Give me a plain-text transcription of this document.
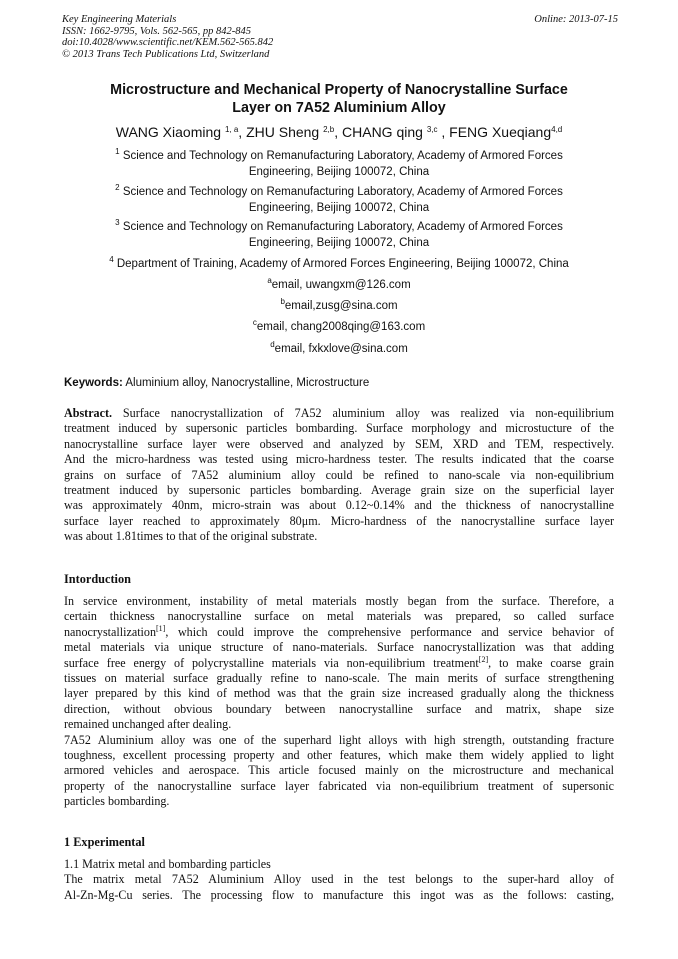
Key Engineering Materials
ISSN: 1662-9795, Vols. 562-565, pp 842-845
doi:10.4028/www.scientific.net/KEM.562-565.842
© 2013 Trans Tech Publications Ltd, Switzerland
Online: 2013-07-15
Microstructure and Mechanical Property of Nanocrystalline Surface
Layer on 7A52 Aluminium Alloy
WANG Xiaoming $^{1, a}$, ZHU Sheng $^{2,b}$, CHANG qing $^{3,c}$ , FENG Xueqiang$^{4,d}$
$^1$ Science and Technology on Remanufacturing Laboratory, Academy of Armored Forces
Engineering, Beijing 100072, China
$^2$ Science and Technology on Remanufacturing Laboratory, Academy of Armored Forces
Engineering, Beijing 100072, China
$^3$ Science and Technology on Remanufacturing Laboratory, Academy of Armored Forces
Engineering, Beijing 100072, China
$^4$ Department of Training, Academy of Armored Forces Engineering, Beijing 100072, China
$^a$email, uwangxm@126.com
$^b$email,zusg@sina.com
$^c$email, chang2008qing@163.com
$^d$email, fxkxlove@sina.com
Keywords: Aluminium alloy, Nanocrystalline, Microstructure
Abstract. Surface nanocrystallization of 7A52 aluminium alloy was realized via non-equilibrium
treatment induced by supersonic particles bombarding. Surface morphology and microstucture of the
nanocrystalline surface layer were observed and analyzed by SEM, XRD and TEM, respectively.
And the micro-hardness was tested using micro-hardness tester. The results indicated that the coarse
grains on surface of 7A52 aluminium alloy could be refined to nano-scale via non-equilibrium
treatment induced by supersonic particles bombarding. Average grain size on the superficial layer
was approximately 40nm, micro-strain was about 0.12~0.14% and the thickness of nanocrystalline
surface layer reached to approximately 80μm. Micro-hardness of the nanocrystalline surface layer
was about 1.81times to that of the original substrate.
Intorduction
In service environment, instability of metal materials mostly began from the surface. Therefore, a
certain thickness nanocrystalline surface on metal materials was prepared, so called surface
nanocrystallization[1], which could improve the comprehensive performance and service behavior of
metal materials via unique structure of nano-materials. Surface nanocrystallization was that adding
surface free energy of polycrystalline materials via non-equilibrium treatment[2], to make coarse grain
tissues on material surface gradually refine to nano-scale. The main merits of surface strengthening
layer prepared by this kind of method was that the grain size increased gradually along the thickness
direction, without obvious boundary between nanocrystalline surface and matrix, shape size
remained unchanged after dealing.
7A52 Aluminium alloy was one of the superhard light alloys with high strength, outstanding fracture
toughness, excellent processing property and other features, which make them widely applied to light
armored vehicles and aerospace. This article focused mainly on the microstructure and mechanical
property of the nanocrystalline surface layer fabricated via non-equilibrium treatment of supersonic
particles bombarding.
1 Experimental
1.1 Matrix metal and bombarding particles
The matrix metal 7A52 Aluminium Alloy used in the test belongs to the super-hard alloy of
Al-Zn-Mg-Cu series. The processing flow to manufacture this ingot was as the follows: casting,
